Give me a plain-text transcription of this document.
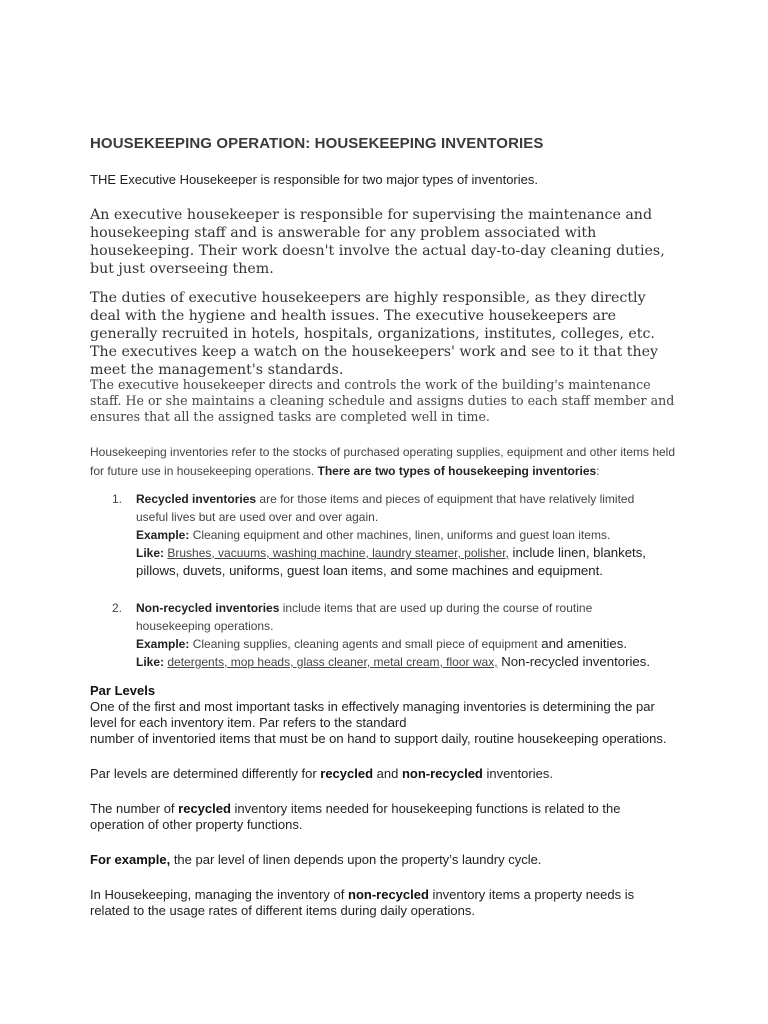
HOUSEKEEPING OPERATION: HOUSEKEEPING INVENTORIES
THE Executive Housekeeper is responsible for two major types of inventories.
An executive housekeeper is responsible for supervising the maintenance and housekeeping staff and is answerable for any problem associated with housekeeping. Their work doesn't involve the actual day-to-day cleaning duties, but just overseeing them.
The duties of executive housekeepers are highly responsible, as they directly deal with the hygiene and health issues. The executive housekeepers are generally recruited in hotels, hospitals, organizations, institutes, colleges, etc. The executives keep a watch on the housekeepers' work and see to it that they meet the management's standards.
The executive housekeeper directs and controls the work of the building's maintenance staff. He or she maintains a cleaning schedule and assigns duties to each staff member and ensures that all the assigned tasks are completed well in time.
Housekeeping inventories refer to the stocks of purchased operating supplies, equipment and other items held for future use in housekeeping operations. There are two types of housekeeping inventories:
1. Recycled inventories are for those items and pieces of equipment that have relatively limited
useful lives but are used over and over again.
Example: Cleaning equipment and other machines, linen, uniforms and guest loan items.
Like: Brushes, vacuums, washing machine, laundry steamer, polisher, include linen, blankets,
pillows, duvets, uniforms, guest loan items, and some machines and equipment.
2. Non-recycled inventories include items that are used up during the course of routine
housekeeping operations.
Example: Cleaning supplies, cleaning agents and small piece of equipment and amenities.
Like: detergents, mop heads, glass cleaner, metal cream, floor wax, Non-recycled inventories.
Par Levels
One of the first and most important tasks in effectively managing inventories is determining the par
level for each inventory item. Par refers to the standard
number of inventoried items that must be on hand to support daily, routine housekeeping operations.
Par levels are determined differently for recycled and non-recycled inventories.
The number of recycled inventory items needed for housekeeping functions is related to the
operation of other property functions.
For example, the par level of linen depends upon the property’s laundry cycle.
In Housekeeping, managing the inventory of non-recycled inventory items a property needs is
related to the usage rates of different items during daily operations.
